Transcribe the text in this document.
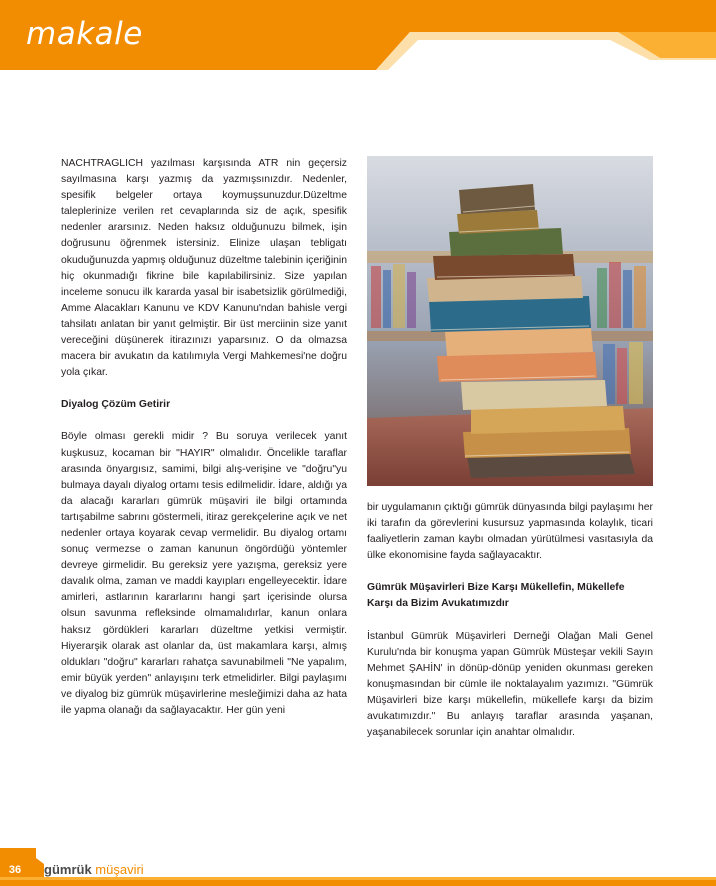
makale

NACHTRAGLICH yazılması karşısında ATR nin geçersiz sayılmasına karşı yazmış da yazmışsınızdır. Nedenler, spesifik belgeler ortaya koymuşsunuzdur.Düzeltme taleplerinize verilen ret cevaplarında siz de açık, spesifik nedenler ararsınız. Neden haksız olduğunuzu bilmek, işin doğrusunu öğrenmek istersiniz. Elinize ulaşan tebligatı okuduğunuzda yapmış olduğunuz düzeltme talebinin içeriğinin hiç okunmadığı fikrine bile kapılabilirsiniz. Size yapılan inceleme sonucu ilk kararda yasal bir isabetsizlik görülmediği, Amme Alacakları Kanunu ve KDV Kanunu'ndan bahisle vergi tahsilatı anlatan bir yanıt gelmiştir. Bir üst merciinin size yanıt vereceğini düşünerek itirazınızı yaparsınız. O da olmazsa macera bir avukatın da katılımıyla Vergi Mahkemesi'ne doğru yola çıkar.

Diyalog Çözüm Getirir

Böyle olması gerekli midir ? Bu soruya verilecek yanıt kuşkusuz, kocaman bir "HAYIR" olmalıdır. Öncelikle taraflar arasında önyargısız, samimi, bilgi alış-verişine ve "doğru"yu bulmaya dayalı diyalog ortamı tesis edilmelidir. İdare, aldığı ya da alacağı kararları gümrük müşaviri ile bilgi ortamında tartışabilme sabrını göstermeli, itiraz gerekçelerine açık ve net nedenler ortaya koyarak cevap vermelidir. Bu diyalog ortamı sonuç vermezse o zaman kanunun öngördüğü yöntemler devreye girmelidir. Bu gereksiz yere yazışma, gereksiz yere davalık olma, zaman ve maddi kayıpları engelleyecektir. İdare amirleri, astlarının kararlarını hangi şart içerisinde olursa olsun savunma refleksinde olmamalıdırlar, kanun onlara haksız gördükleri kararları düzeltme yetkisi vermiştir. Hiyerarşik olarak ast olanlar da, üst makamlara karşı, almış oldukları "doğru" kararları rahatça savunabilmeli "Ne yapalım, emir büyük yerden" anlayışını terk etmelidirler. Bilgi paylaşımı ve diyalog biz gümrük müşavirlerine mesleğimizi daha az hata ile yapma olanağı da sağlayacaktır. Her gün yeni

bir uygulamanın çıktığı gümrük dünyasında bilgi paylaşımı her iki tarafın da görevlerini kusursuz yapmasında kolaylık, ticari faaliyetlerin zaman kaybı olmadan yürütülmesi vasıtasıyla da ülke ekonomisine fayda sağlayacaktır.

Gümrük Müşavirleri Bize Karşı Mükellefin, Mükellefe Karşı da Bizim Avukatımızdır

İstanbul Gümrük Müşavirleri Derneği Olağan Mali Genel Kurulu'nda bir konuşma yapan Gümrük Müsteşar vekili Sayın Mehmet ŞAHİN' in dönüp-dönüp yeniden okunması gereken konuşmasından bir cümle ile noktalayalım yazımızı. "Gümrük Müşavirleri bize karşı mükellefin, mükellefe karşı da bizim avukatımızdır." Bu anlayış taraflar arasında yaşanan, yaşanabilecek sorunlar için anahtar olmalıdır.

36	gümrük müşaviri
